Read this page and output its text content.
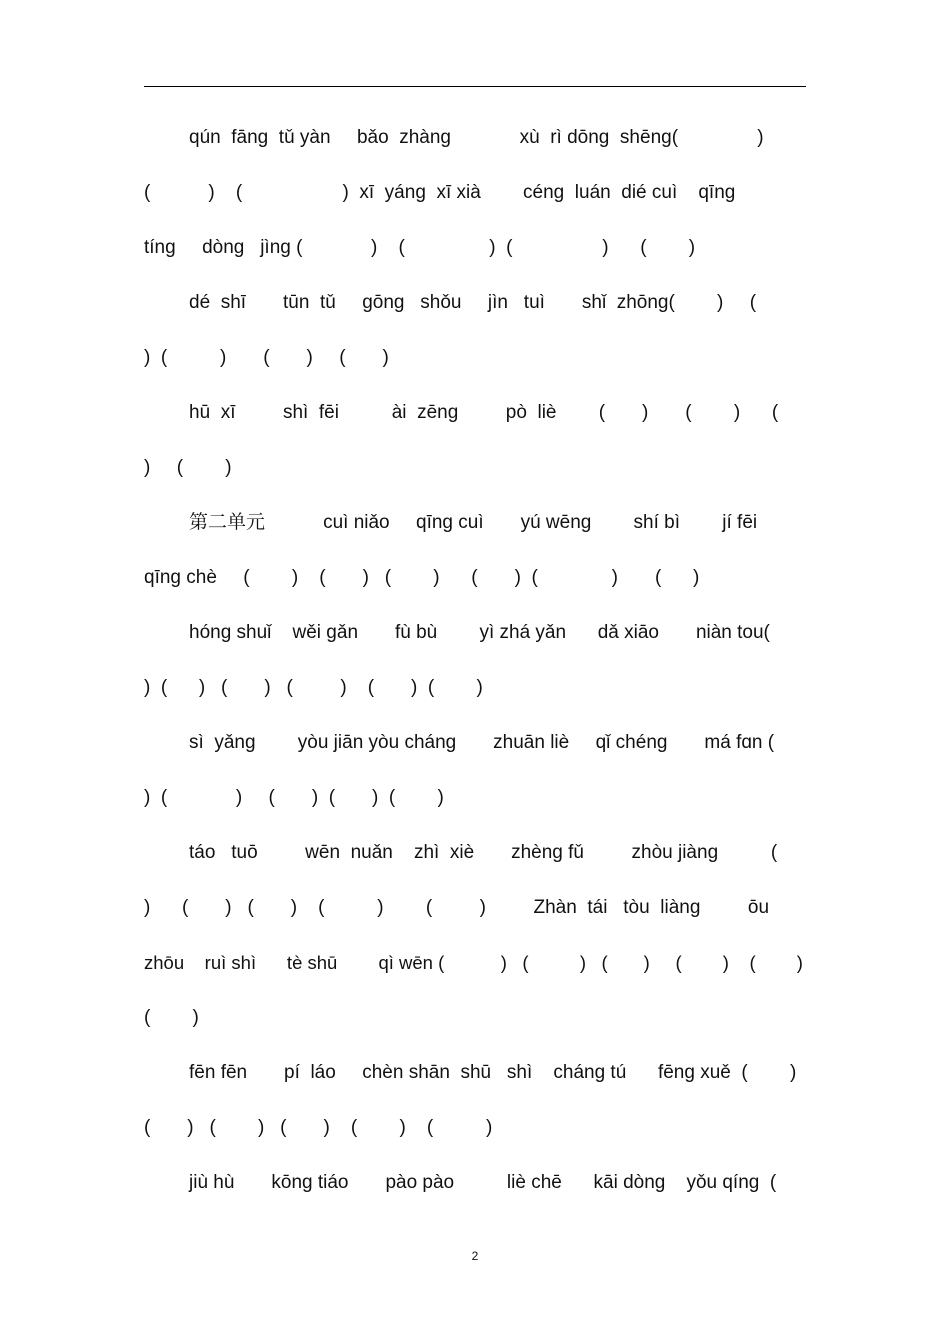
qún  fāng  tǔ yàn     bǎo  zhàng             xù  rì dōng  shēng(               )
(           )    (                   )  xī  yáng  xī xià        céng  luán  dié cuì    qīng
tíng     dòng   jìng (             )    (                )  (                 )      (        )
dé  shī       tūn  tǔ     gōng   shǒu     jìn   tuì       shǐ  zhōng(        )     (
)  (          )       (       )     (       )
hū  xī         shì  fēi          ài  zēng         pò  liè        (       )       (        )      (
)     (        )
第二单元           cuì niǎo     qīng cuì       yú wēng        shí bì        jí fēi
qīng chè     (        )    (       )   (        )      (       )  (              )       (      )
hóng shuǐ    wěi gǎn       fù bù        yì zhá yǎn      dǎ xiāo       niàn tou(
)  (      )   (       )   (         )    (       )  (        )
sì  yǎng        yòu jiān yòu cháng       zhuān liè     qǐ chéng       má fɑn (
)  (             )     (       )  (       )  (        )
táo   tuō         wēn  nuǎn    zhì  xiè       zhèng fǔ         zhòu jiàng          (
)      (       )   (       )    (          )        (         )         Zhàn  tái   tòu  liàng         ōu
zhōu    ruì shì      tè shū        qì wēn (           )   (          )   (       )     (        )    (        )
(        )
fēn fēn       pí  láo     chèn shān  shū   shì    cháng tú      fēng xuě  (        )
(       )   (        )   (       )    (        )    (          )
jiù hù       kōng tiáo       pào pào          liè chē      kāi dòng    yǒu qíng  (
2
